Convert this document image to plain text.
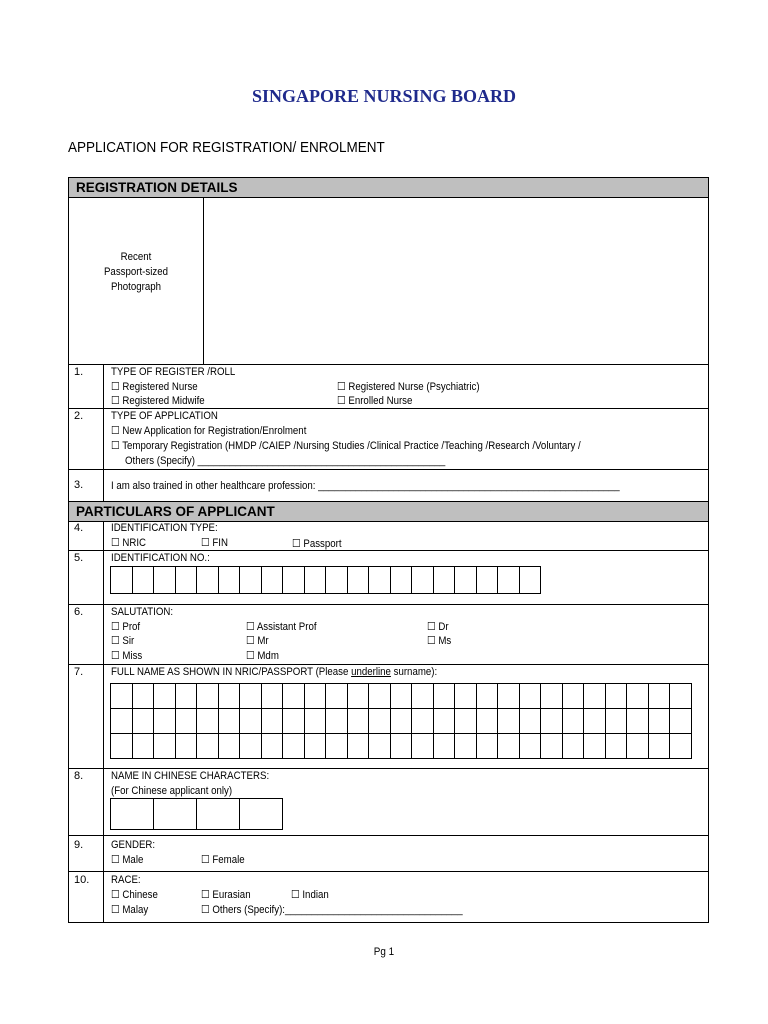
SINGAPORE NURSING BOARD
APPLICATION FOR REGISTRATION/ ENROLMENT
REGISTRATION DETAILS
Recent
Passport-sized
Photograph
1.	TYPE OF REGISTER /ROLL
☐ Registered Nurse	☐ Registered Nurse (Psychiatric)
☐ Registered Midwife	☐ Enrolled Nurse
2.	TYPE OF APPLICATION
☐ New Application for Registration/Enrolment
☐ Temporary Registration (HMDP /CAIEP /Nursing Studies /Clinical Practice /Teaching /Research /Voluntary /
Others (Specify) ______________________________________________
3.	I am also trained in other healthcare profession: ________________________________________________________
PARTICULARS OF APPLICANT
4.	IDENTIFICATION TYPE:
☐ NRIC	☐ FIN	☐ Passport
5.	IDENTIFICATION NO.:

6.	SALUTATION:
☐ Prof	☐ Assistant Prof	☐ Dr
☐ Sir	☐ Mr	☐ Ms
☐ Miss	☐ Mdm
7.	FULL NAME AS SHOWN IN NRIC/PASSPORT (Please underline surname):

8.	NAME IN CHINESE CHARACTERS:
(For Chinese applicant only)

9.	GENDER:
☐ Male	☐ Female
10. RACE:
☐ Chinese	☐ Eurasian	☐ Indian
☐ Malay	☐ Others (Specify):_________________________________
Pg 1
